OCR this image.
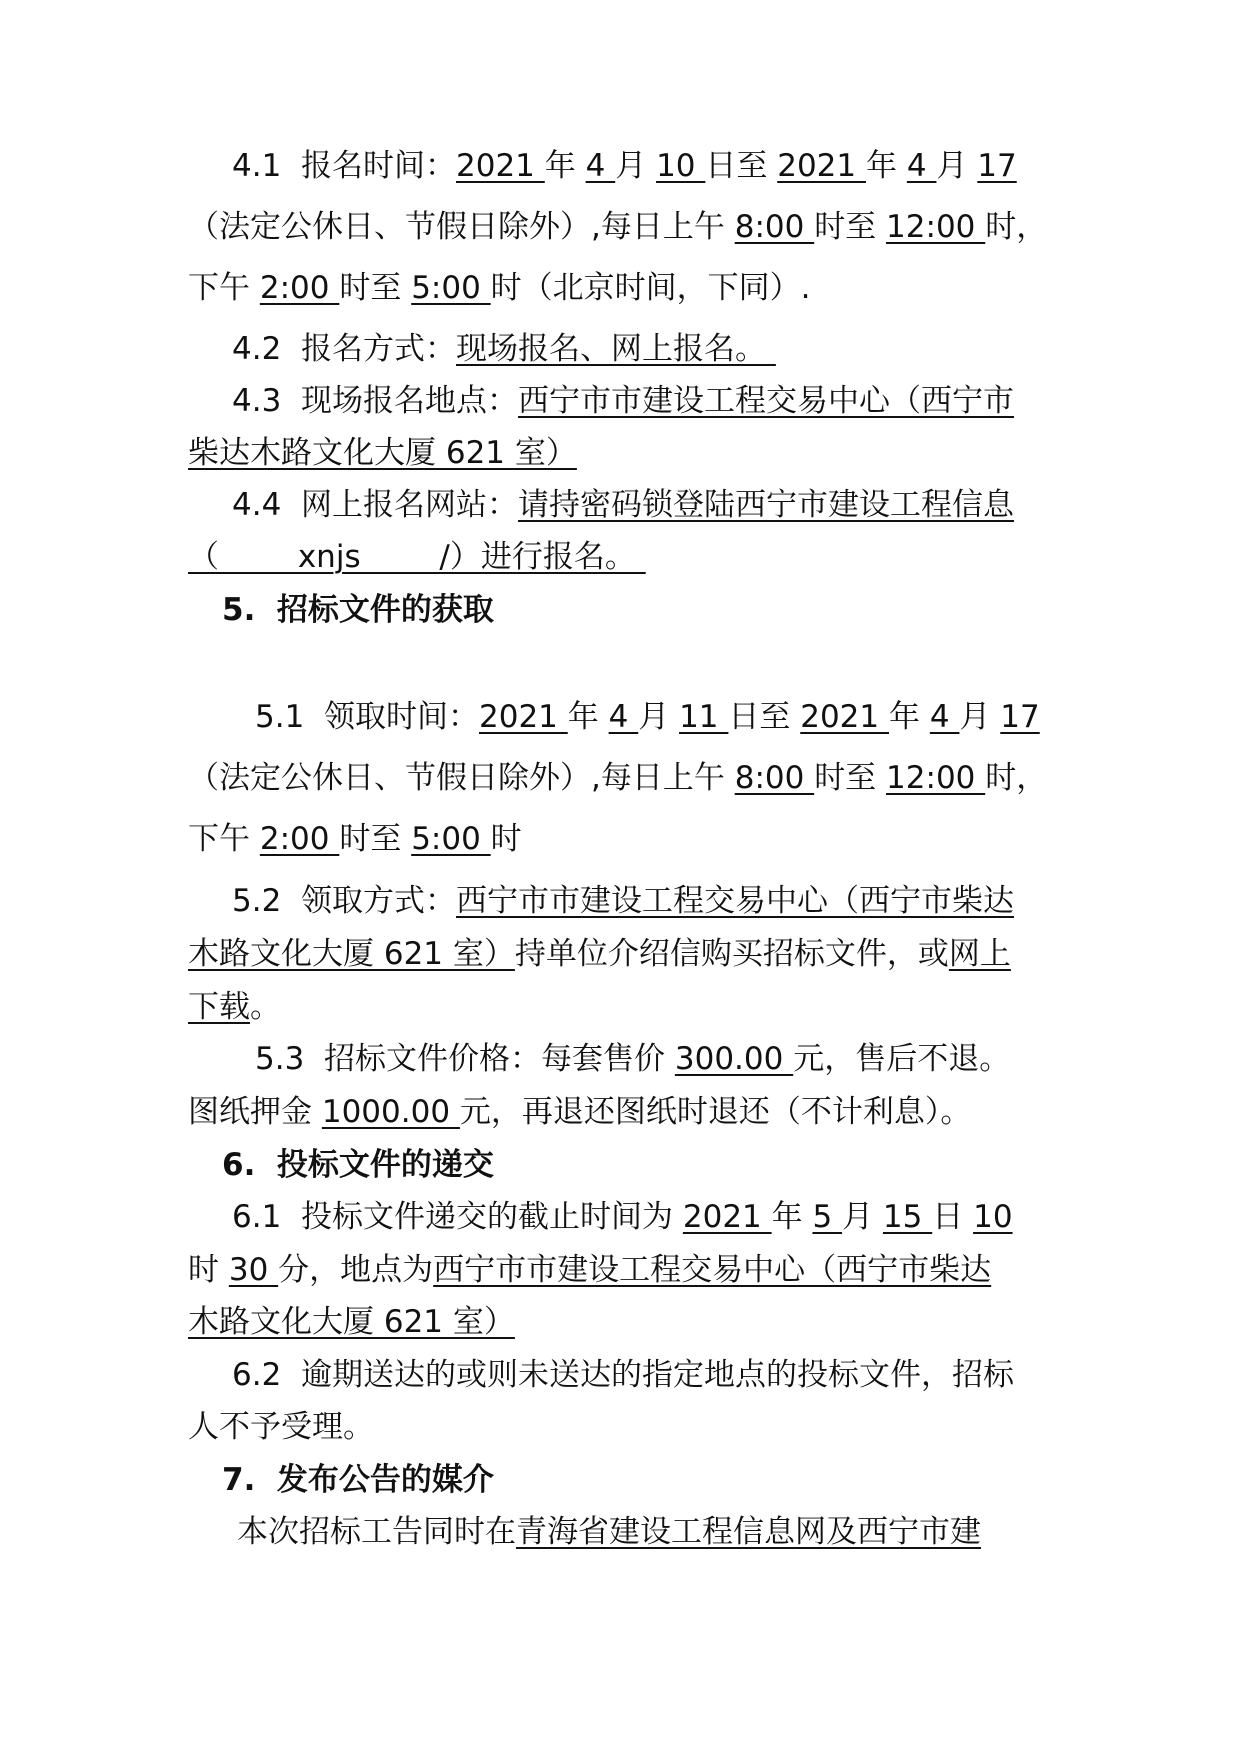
4.1  报名时间：2021 年 4 月 10 日至 2021 年 4 月 17
（法定公休日、节假日除外）,每日上午 8:00 时至 12:00 时，
下午 2:00 时至 5:00 时（北京时间，下同）.
4.2  报名方式：现场报名、网上报名。
4.3  现场报名地点：西宁市市建设工程交易中心（西宁市
柴达木路文化大厦 621 室）
4.4  网上报名网站：请持密码锁登陆西宁市建设工程信息
（        xnjs        /）进行报名。
5.  招标文件的获取
5.1  领取时间：2021 年 4 月 11 日至 2021 年 4 月 17
（法定公休日、节假日除外）,每日上午 8:00 时至 12:00 时，
下午 2:00 时至 5:00 时
5.2  领取方式：西宁市市建设工程交易中心（西宁市柴达
木路文化大厦 621 室）持单位介绍信购买招标文件，或网上
下载。
5.3  招标文件价格：每套售价 300.00 元，售后不退。
图纸押金 1000.00 元，再退还图纸时退还（不计利息）。
6.  投标文件的递交
6.1  投标文件递交的截止时间为 2021 年 5 月 15 日 10
时 30 分，地点为西宁市市建设工程交易中心（西宁市柴达
木路文化大厦 621 室）
6.2  逾期送达的或则未送达的指定地点的投标文件，招标
人不予受理。
7.  发布公告的媒介
本次招标工告同时在青海省建设工程信息网及西宁市建
